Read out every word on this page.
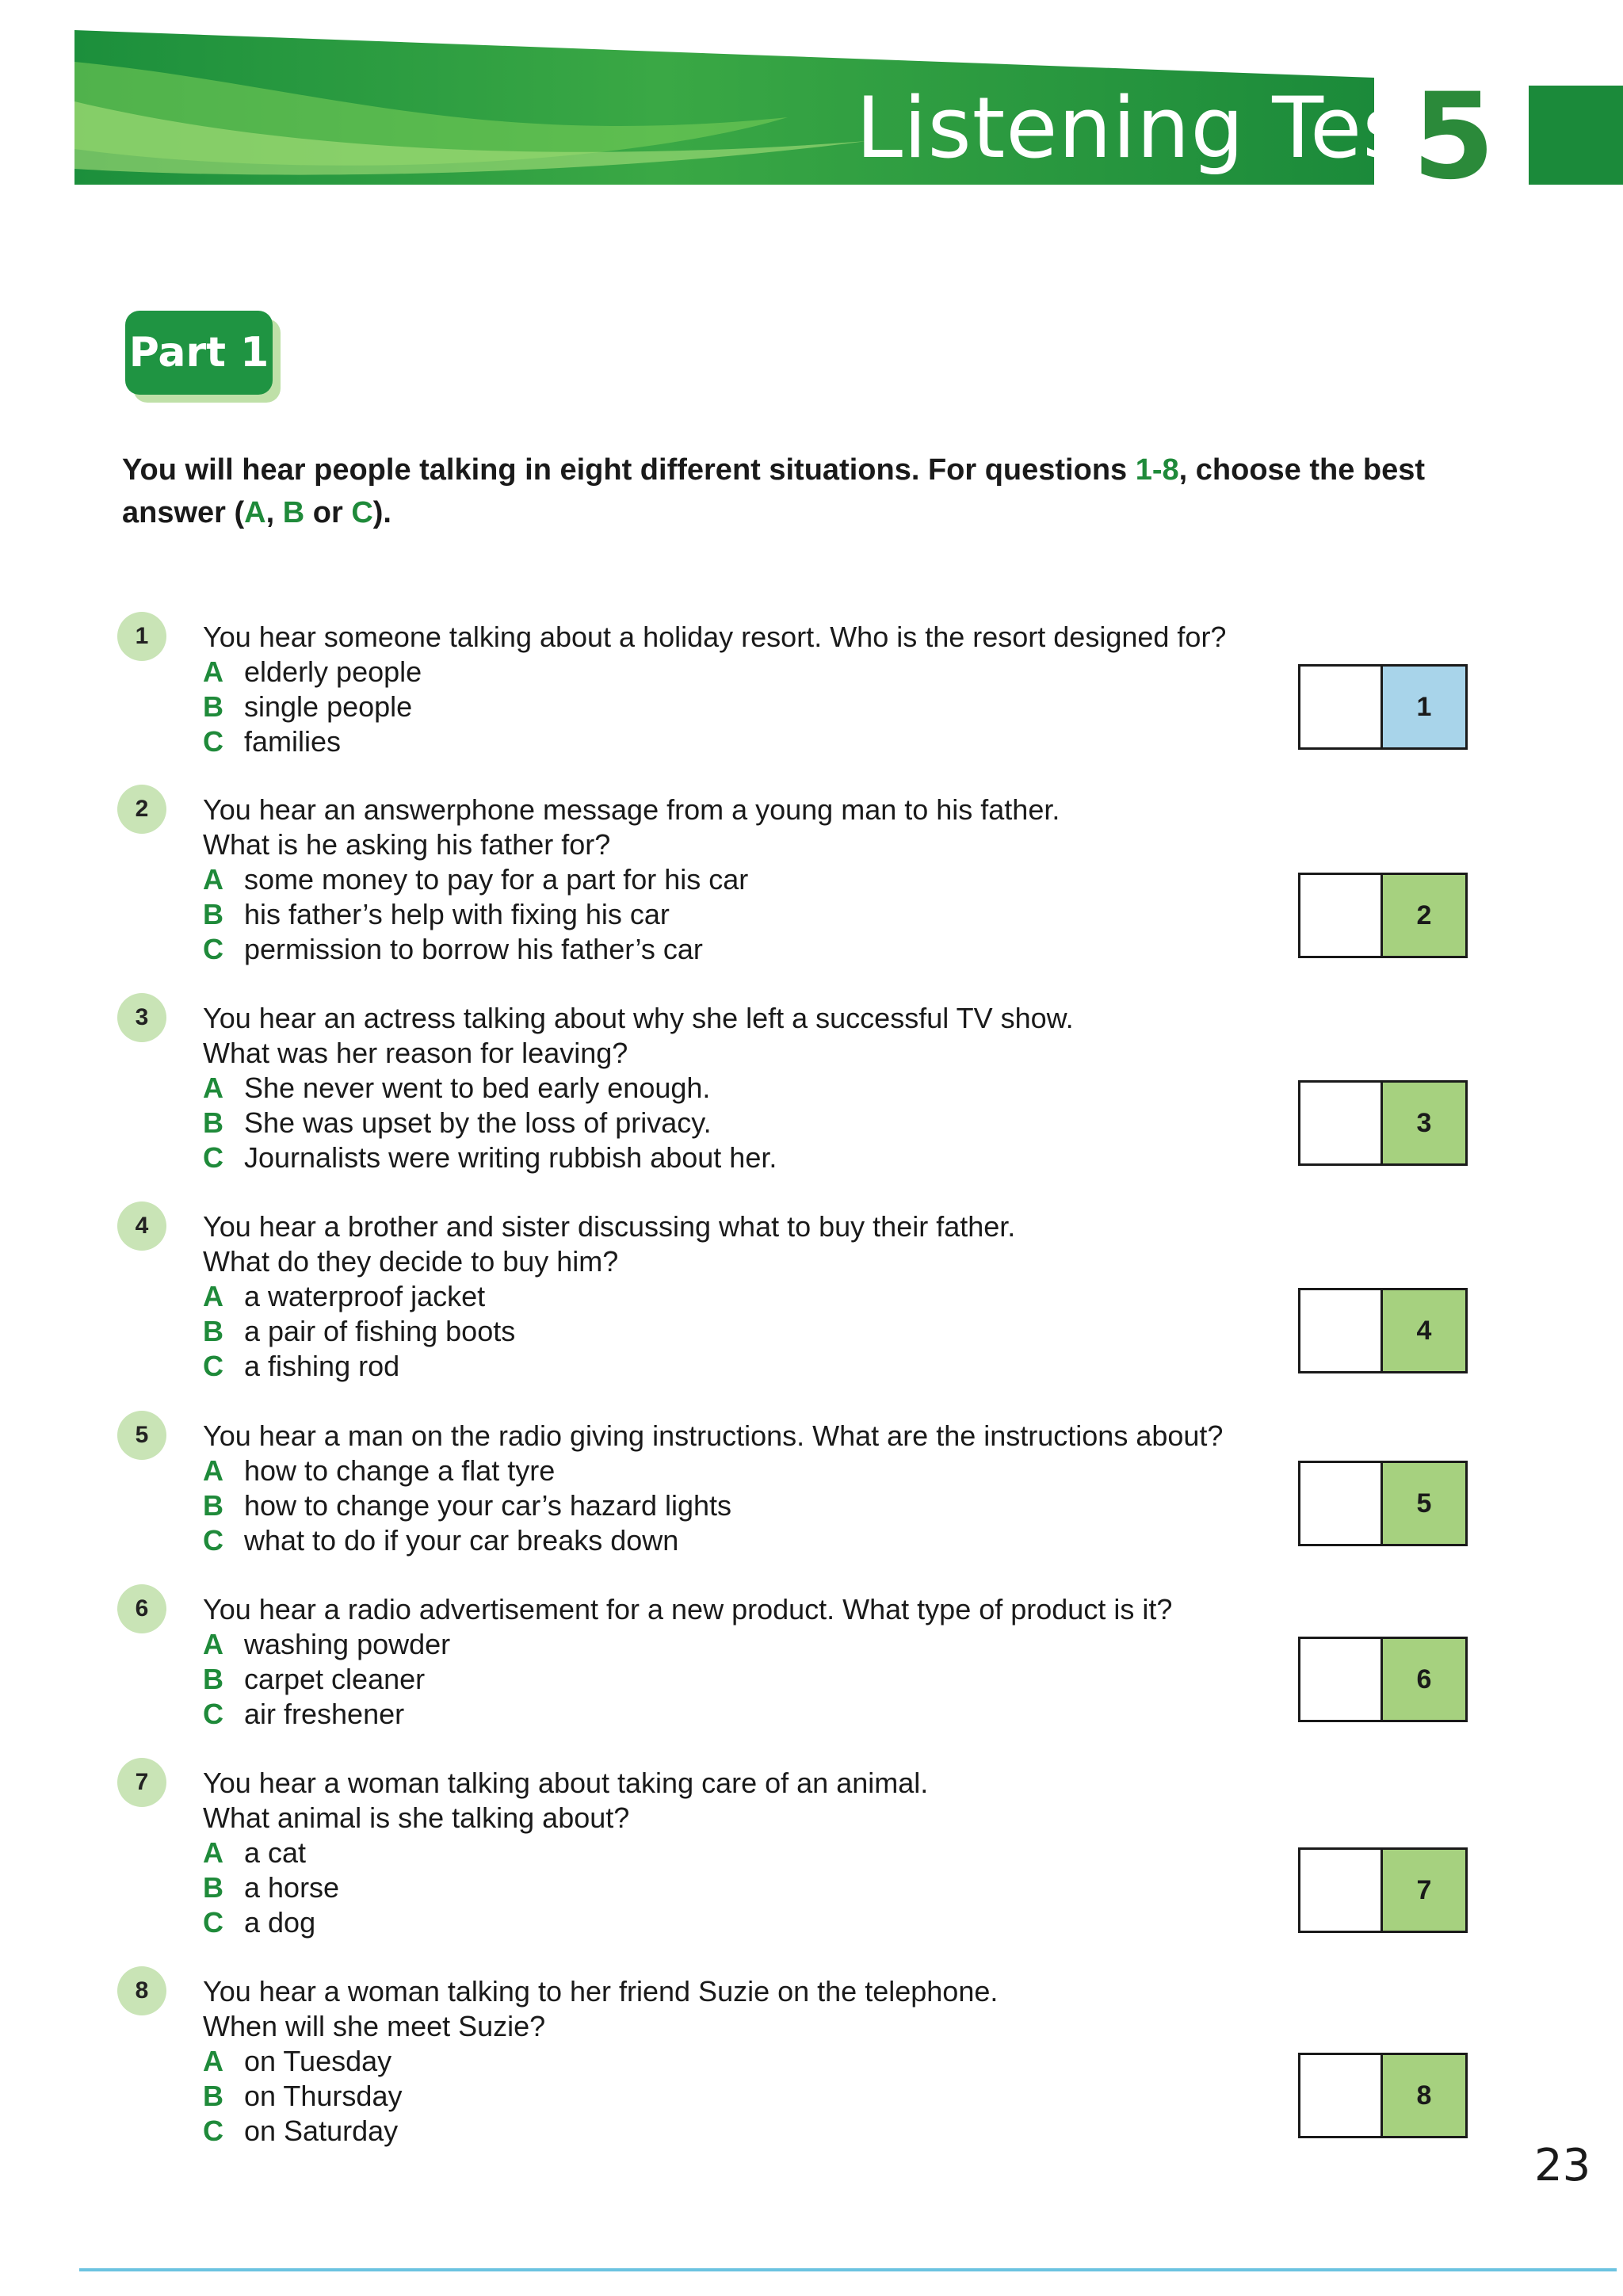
Listening Test
5
Part 1

You will hear people talking in eight different situations. For questions 1-8, choose the best answer (A, B or C).

1	You hear someone talking about a holiday resort. Who is the resort designed for?
A elderly people
B single people
C families
1
2	You hear an answerphone message from a young man to his father.
What is he asking his father for?
A some money to pay for a part for his car
B his father’s help with fixing his car
C permission to borrow his father’s car
2
3	You hear an actress talking about why she left a successful TV show.
What was her reason for leaving?
A She never went to bed early enough.
B She was upset by the loss of privacy.
C Journalists were writing rubbish about her.
3
4	You hear a brother and sister discussing what to buy their father.
What do they decide to buy him?
A a waterproof jacket
B a pair of fishing boots
C a fishing rod
4
5	You hear a man on the radio giving instructions. What are the instructions about?
A how to change a flat tyre
B how to change your car’s hazard lights
C what to do if your car breaks down
5
6	You hear a radio advertisement for a new product. What type of product is it?
A washing powder
B carpet cleaner
C air freshener
6
7	You hear a woman talking about taking care of an animal.
What animal is she talking about?
A a cat
B a horse
C a dog
7
8	You hear a woman talking to her friend Suzie on the telephone.
When will she meet Suzie?
A on Tuesday
B on Thursday
C on Saturday
8
23
